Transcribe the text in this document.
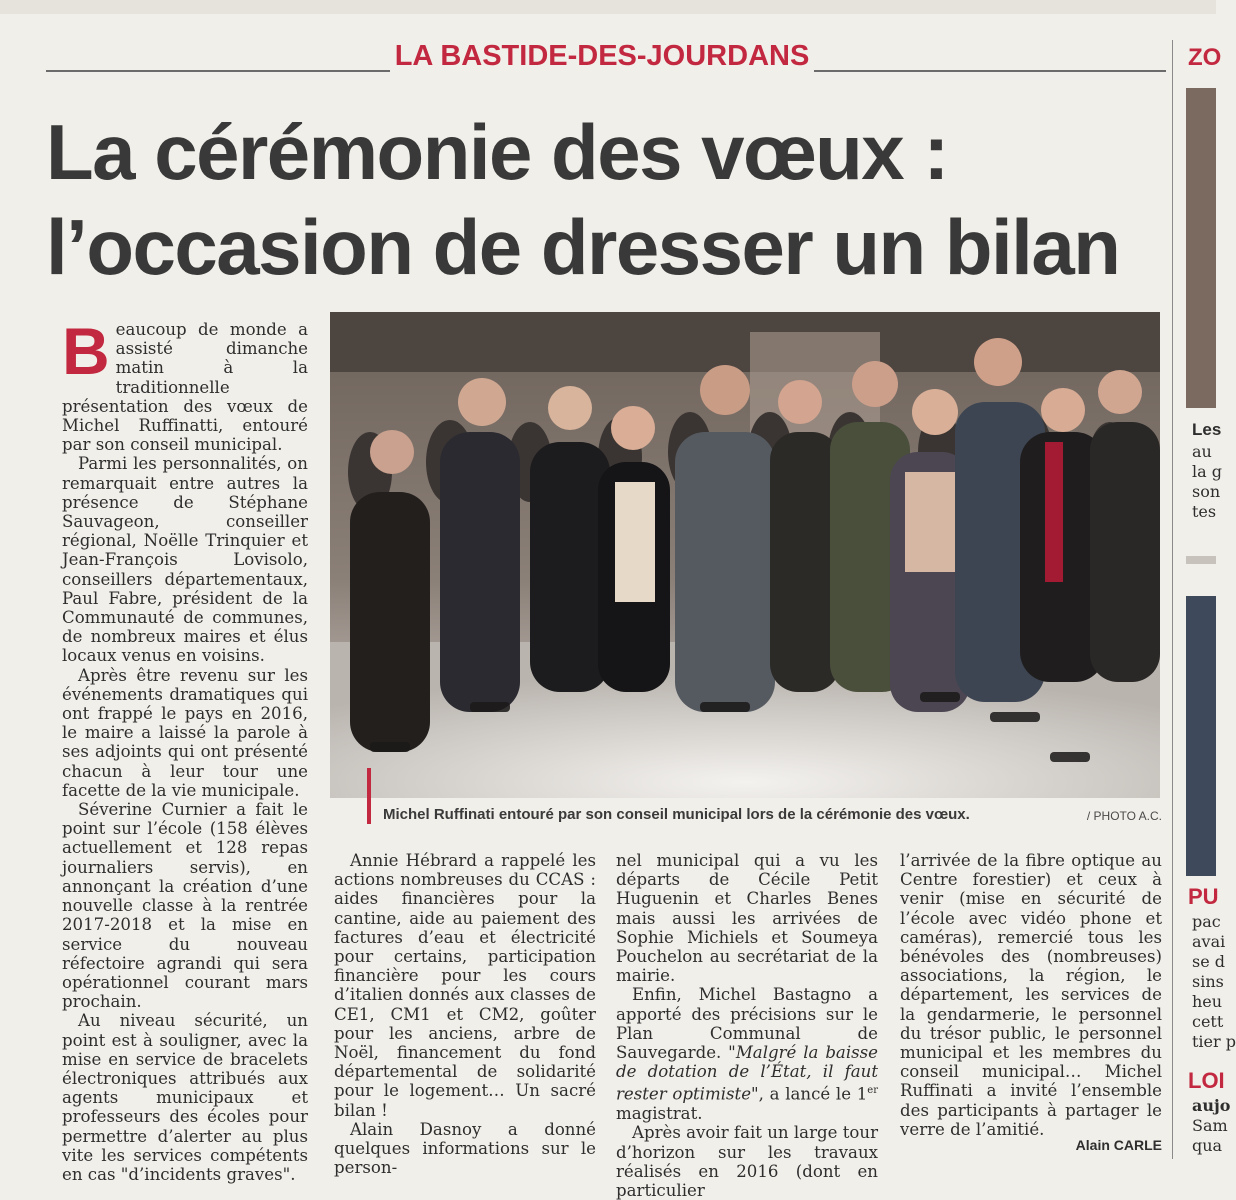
LA BASTIDE-DES-JOURDANS
La cérémonie des vœux :
l’occasion de dresser un bilan

Beaucoup de monde a assisté dimanche matin à la traditionnelle présentation des vœux de Michel Ruffinatti, entouré par son conseil municipal.

Parmi les personnalités, on remarquait entre autres la présence de Stéphane Sauvageon, conseiller régional, Noëlle Trinquier et Jean-François Lovisolo, conseillers départementaux, Paul Fabre, président de la Communauté de communes, de nombreux maires et élus locaux venus en voisins.

Après être revenu sur les événements dramatiques qui ont frappé le pays en 2016, le maire a laissé la parole à ses adjoints qui ont présenté chacun à leur tour une facette de la vie municipale.

Séverine Curnier a fait le point sur l’école (158 élèves actuellement et 128 repas journaliers servis), en annonçant la création d’une nouvelle classe à la rentrée 2017-2018 et la mise en service du nouveau réfectoire agrandi qui sera opérationnel courant mars prochain.

Au niveau sécurité, un point est à souligner, avec la mise en service de bracelets électroniques attribués aux agents municipaux et professeurs des écoles pour permettre d’alerter au plus vite les services compétents en cas "d’incidents graves".

Michel Ruffinati entouré par son conseil municipal lors de la cérémonie des vœux.	/ PHOTO A.C.

Annie Hébrard a rappelé les actions nombreuses du CCAS : aides financières pour la cantine, aide au paiement des factures d’eau et électricité pour certains, participation financière pour les cours d’italien donnés aux classes de CE1, CM1 et CM2, goûter pour les anciens, arbre de Noël, financement du fond départemental de solidarité pour le logement… Un sacré bilan !

Alain Dasnoy a donné quelques informations sur le person-

nel municipal qui a vu les départs de Cécile Petit Huguenin et Charles Benes mais aussi les arrivées de Sophie Michiels et Soumeya Pouchelon au secrétariat de la mairie.

Enfin, Michel Bastagno a apporté des précisions sur le Plan Communal de Sauvegarde. "Malgré la baisse de dotation de l’État, il faut rester optimiste", a lancé le 1er magistrat.

Après avoir fait un large tour d’horizon sur les travaux réalisés en 2016 (dont en particulier

l’arrivée de la fibre optique au Centre forestier) et ceux à venir (mise en sécurité de l’école avec vidéo phone et caméras), remercié tous les bénévoles des (nombreuses) associations, la région, le département, les services de la gendarmerie, le personnel du trésor public, le personnel municipal et les membres du conseil municipal… Michel Ruffinati a invité l’ensemble des participants à partager le verre de l’amitié.

Alain CARLE
ZO
Les
au
la g
son
tes
PU
pac
avai
se d
sins
heu
cett
tier p
LOI
aujo
Sam
qua
